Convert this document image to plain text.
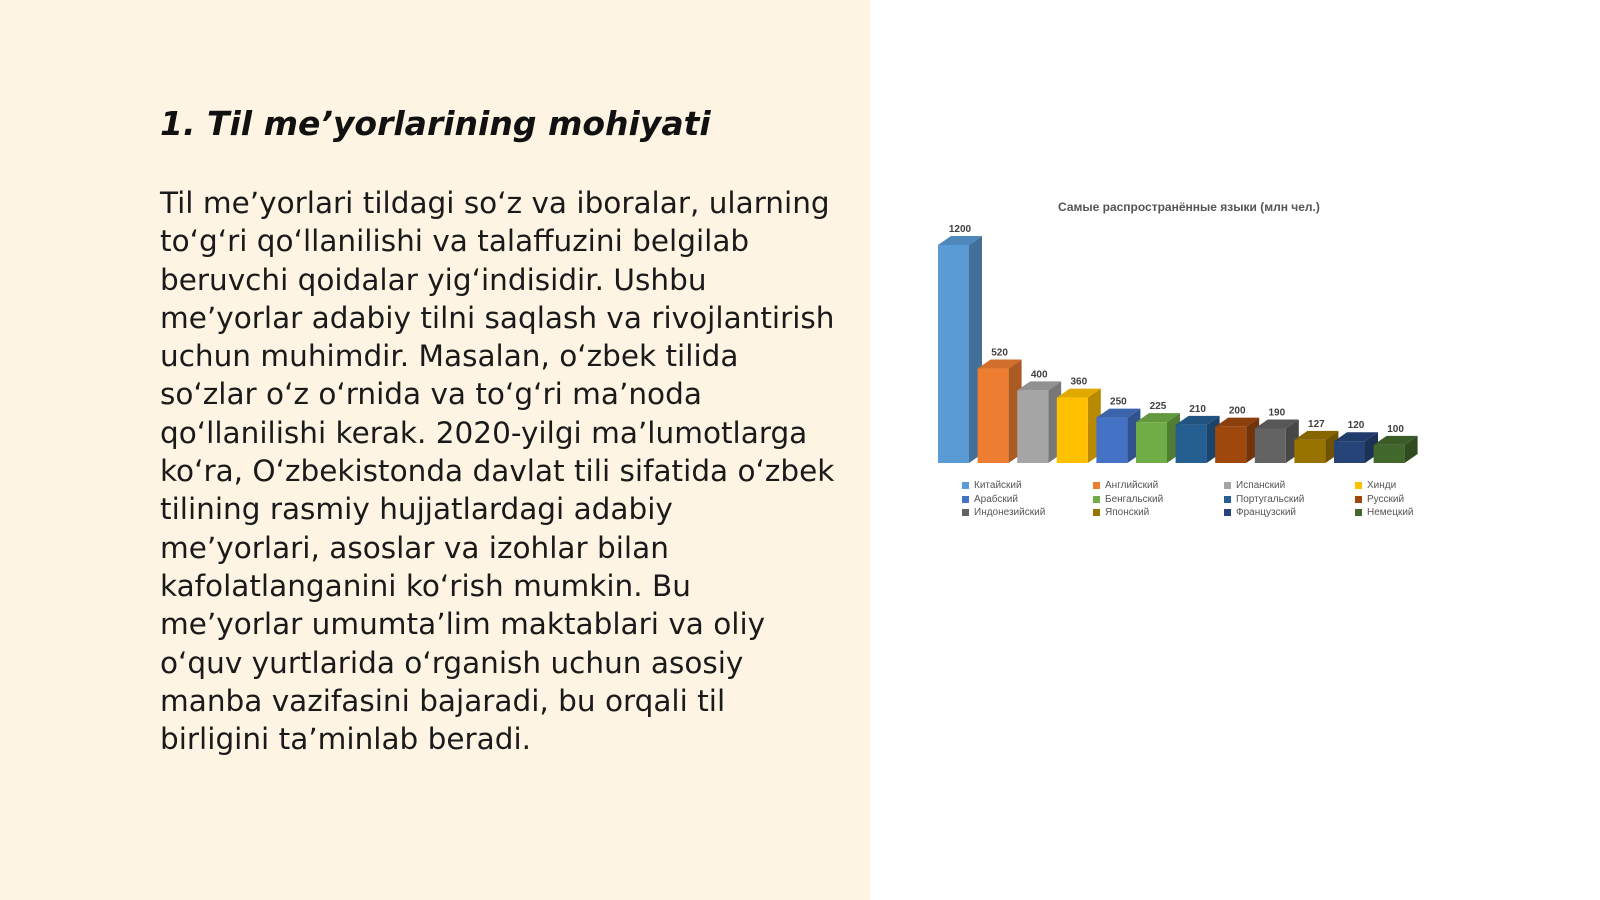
1. Til me’yorlarining mohiyati

Til me’yorlari tildagi so‘z va iboralar, ularning to‘g‘ri qo‘llanilishi va talaffuzini belgilab beruvchi qoidalar yig‘indisidir. Ushbu me’yorlar adabiy tilni saqlash va rivojlantirish uchun muhimdir. Masalan, o‘zbek tilida so‘zlar o‘z o‘rnida va to‘g‘ri ma’noda qo‘llanilishi kerak. 2020-yilgi ma’lumotlarga ko‘ra, O‘zbekistonda davlat tili sifatida o‘zbek tilining rasmiy hujjatlardagi adabiy me’yorlari, asoslar va izohlar bilan kafolatlanganini ko‘rish mumkin. Bu me’yorlar umumta’lim maktablari va oliy o‘quv yurtlarida o‘rganish uchun asosiy manba vazifasini bajaradi, bu orqali til birligini ta’minlab beradi.

Самые распространённые языки (млн чел.)
1200
520
400
360
250 225 210 200 190
127 120 100
Китайский	Английский	Испанский	Хинди
Арабский	Бенгальский	Португальский	Русский
Индонезийский	Японский	Французский	Немецкий
